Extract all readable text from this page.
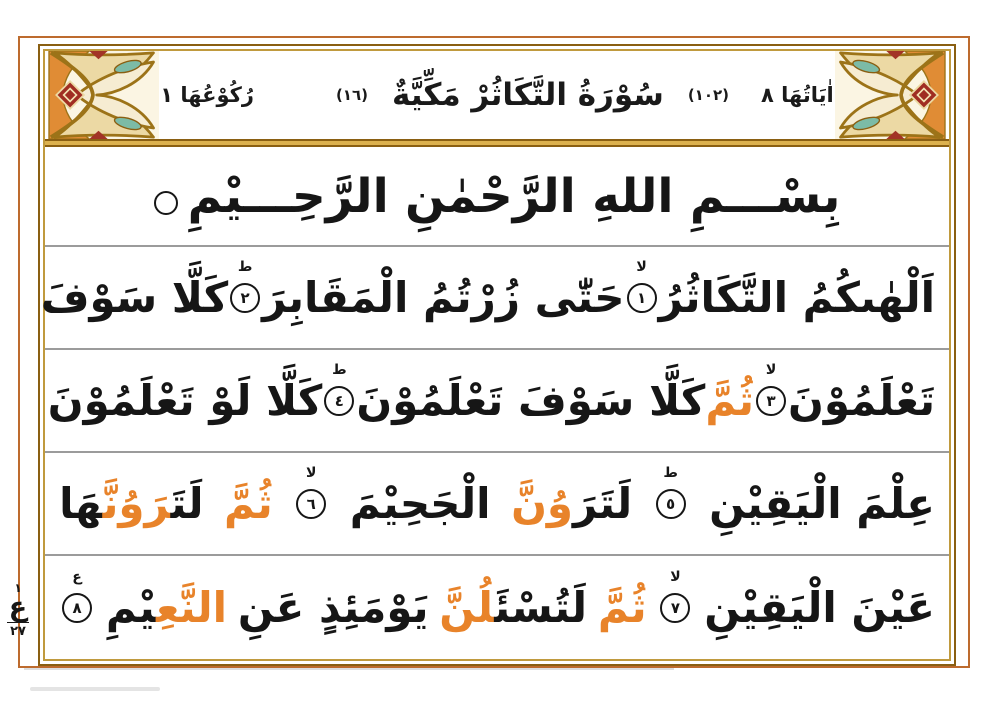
اٰيَاتُهَا ٨
(١٠٢)
سُوْرَةُ التَّكَاثُرْ مَكِّيَّةٌ
(١٦)
رُكُوْعُهَا ١
بِسْـــمِ اللهِ الرَّحْمٰنِ الرَّحِـــيْمِ
اَلْهٰىكُمُ التَّكَاثُرُ
لا
١
حَتّٰى زُرْتُمُ الْمَقَابِرَ
ط
٢
كَلَّا سَوْفَ
تَعْلَمُوْنَ
لا
٣
ثُمَّ
كَلَّا سَوْفَ تَعْلَمُوْنَ
ط
٤
كَلَّا لَوْ تَعْلَمُوْنَ
عِلْمَ الْيَقِيْنِ
ط
٥
لَتَرَوُنَّ
الْجَحِيْمَ
لا
٦
ثُمَّ
لَتَ‍‍رَوُنَّ‍‍هَا
عَيْنَ الْيَقِيْنِ
لا
٧
ثُمَّ
لَتُسْئَ‍‍لُنَّ
يَوْمَئِذٍ عَنِ
النَّعِ‍‍يْمِ
ع
٨
١
ع
٢٧
